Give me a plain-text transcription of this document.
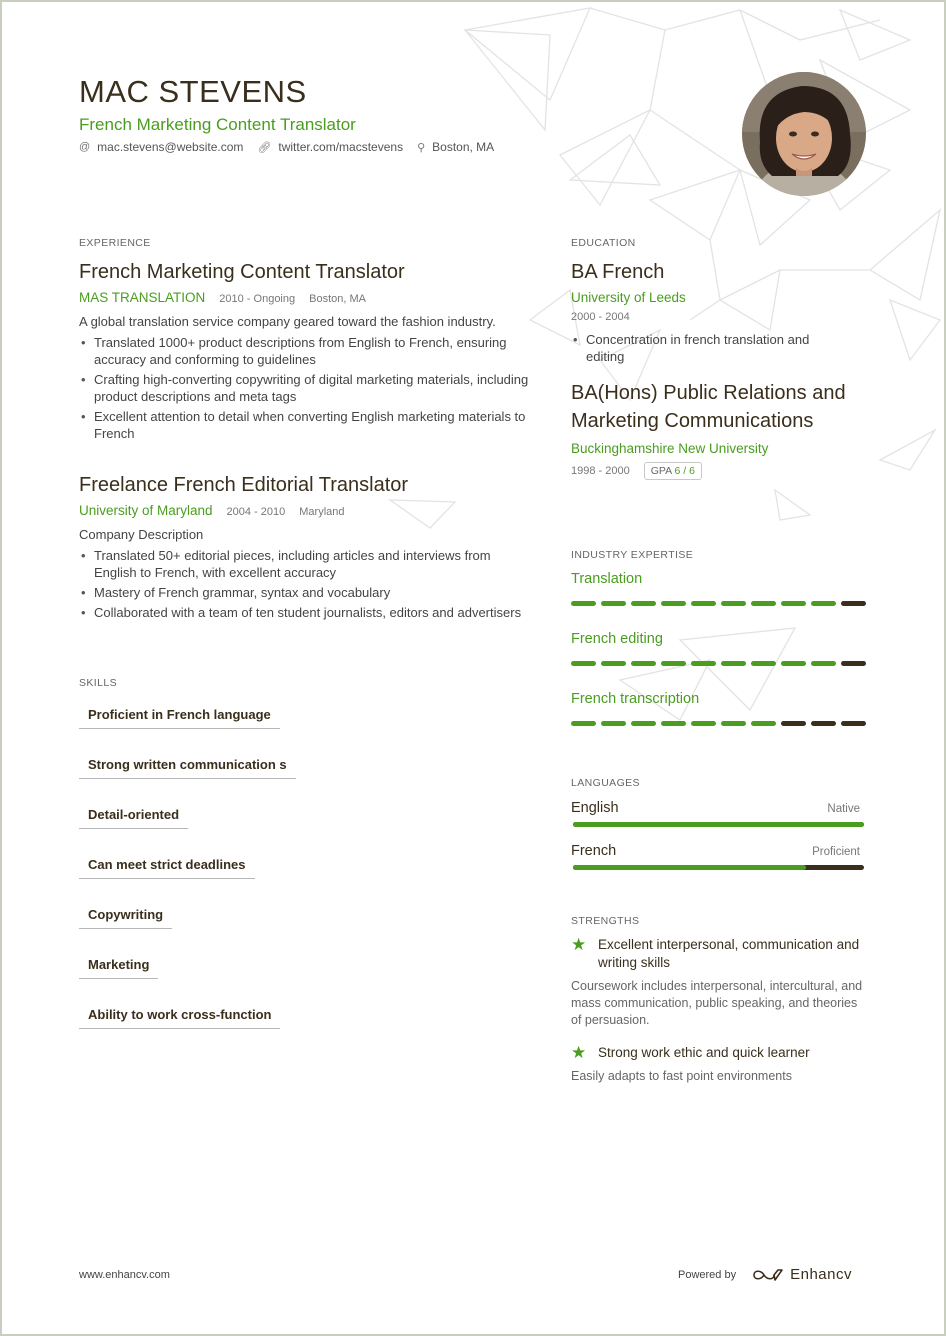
MAC STEVENS
French Marketing Content Translator
@ mac.stevens@website.com 🔗︎ twitter.com/macstevens ⚲ Boston, MA
EXPERIENCE
French Marketing Content Translator
MAS TRANSLATION 2010 - Ongoing Boston, MA
A global translation service company geared toward the fashion industry.
• Translated 1000+ product descriptions from English to French, ensuring accuracy and conforming to guidelines
• Crafting high-converting copywriting of digital marketing materials, including product descriptions and meta tags
• Excellent attention to detail when converting English marketing materials to French
Freelance French Editorial Translator
University of Maryland 2004 - 2010 Maryland
Company Description
• Translated 50+ editorial pieces, including articles and interviews from English to French, with excellent accuracy
• Mastery of French grammar, syntax and vocabulary
• Collaborated with a team of ten student journalists, editors and advertisers
SKILLS
Proficient in French language
Strong written communication s
Detail-oriented
Can meet strict deadlines
Copywriting
Marketing
Ability to work cross-function
EDUCATION
BA French
University of Leeds
2000 - 2004
• Concentration in french translation and editing
BA(Hons) Public Relations and Marketing Communications
Buckinghamshire New University
1998 - 2000	GPA 6 / 6
INDUSTRY EXPERTISE
Translation
French editing
French transcription
LANGUAGES
English	Native
French	Proficient
STRENGTHS
★ Excellent interpersonal, communication and writing skills
Coursework includes interpersonal, intercultural, and mass communication, public speaking, and theories of persuasion.
★ Strong work ethic and quick learner
Easily adapts to fast point environments
www.enhancv.com	Powered by	Enhancv
